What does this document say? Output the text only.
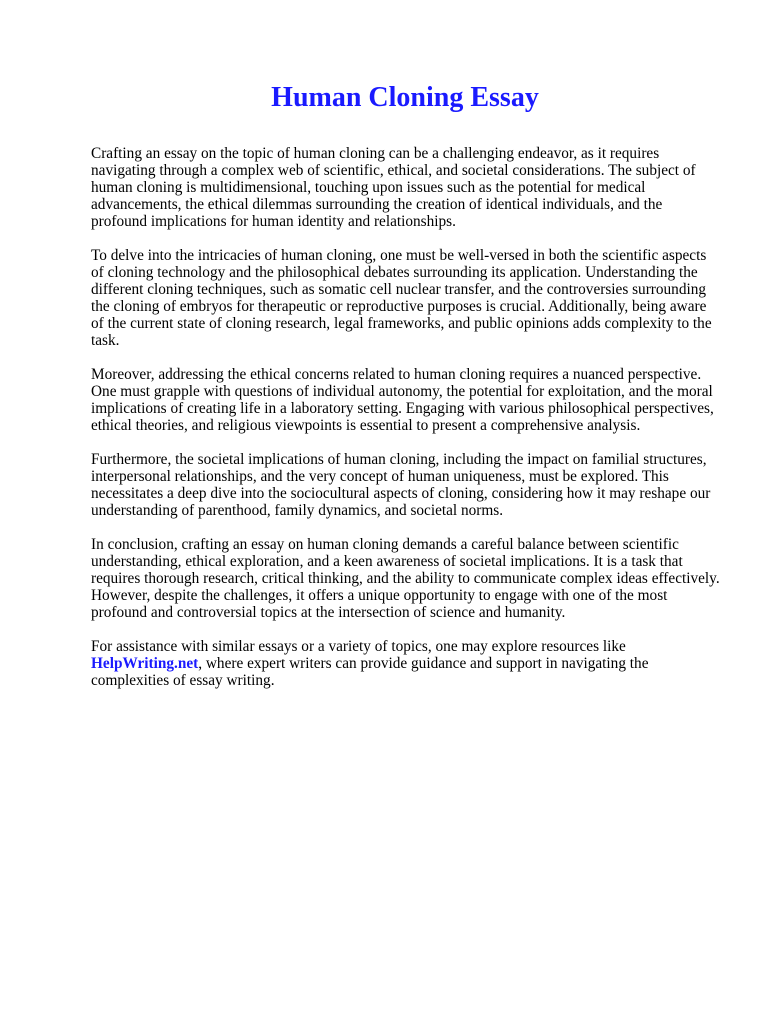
Human Cloning Essay

Crafting an essay on the topic of human cloning can be a challenging endeavor, as it requires navigating through a complex web of scientific, ethical, and societal considerations. The subject of human cloning is multidimensional, touching upon issues such as the potential for medical advancements, the ethical dilemmas surrounding the creation of identical individuals, and the profound implications for human identity and relationships.

To delve into the intricacies of human cloning, one must be well-versed in both the scientific aspects of cloning technology and the philosophical debates surrounding its application. Understanding the different cloning techniques, such as somatic cell nuclear transfer, and the controversies surrounding the cloning of embryos for therapeutic or reproductive purposes is crucial. Additionally, being aware of the current state of cloning research, legal frameworks, and public opinions adds complexity to the task.

Moreover, addressing the ethical concerns related to human cloning requires a nuanced perspective. One must grapple with questions of individual autonomy, the potential for exploitation, and the moral implications of creating life in a laboratory setting. Engaging with various philosophical perspectives, ethical theories, and religious viewpoints is essential to present a comprehensive analysis.

Furthermore, the societal implications of human cloning, including the impact on familial structures, interpersonal relationships, and the very concept of human uniqueness, must be explored. This necessitates a deep dive into the sociocultural aspects of cloning, considering how it may reshape our understanding of parenthood, family dynamics, and societal norms.

In conclusion, crafting an essay on human cloning demands a careful balance between scientific understanding, ethical exploration, and a keen awareness of societal implications. It is a task that requires thorough research, critical thinking, and the ability to communicate complex ideas effectively. However, despite the challenges, it offers a unique opportunity to engage with one of the most profound and controversial topics at the intersection of science and humanity.

For assistance with similar essays or a variety of topics, one may explore resources like HelpWriting.net, where expert writers can provide guidance and support in navigating the complexities of essay writing.
